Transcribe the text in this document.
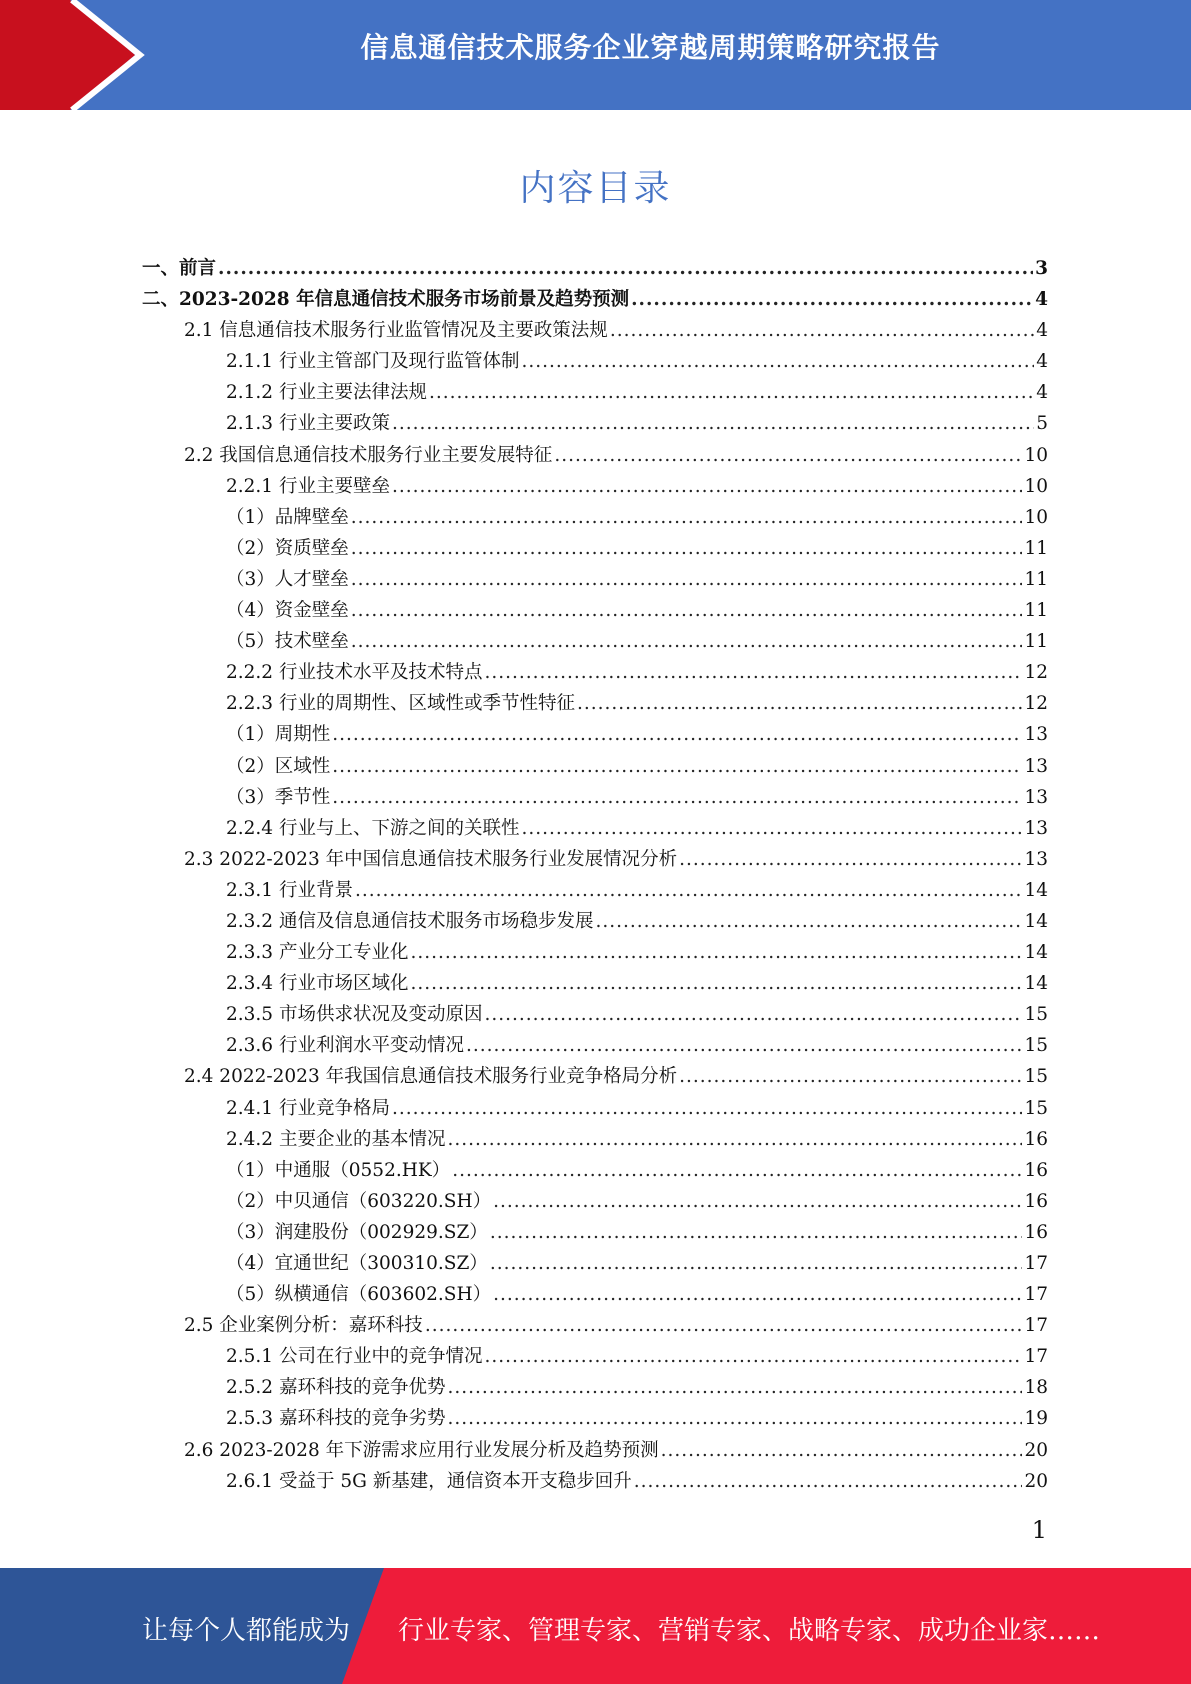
信息通信技术服务企业穿越周期策略研究报告
内容目录
一、前言 .....	3
二、2023-2028 年信息通信技术服务市场前景及趋势预测 .....	4
2.1 信息通信技术服务行业监管情况及主要政策法规 .....	4
2.1.1 行业主管部门及现行监管体制 .....	4
2.1.2 行业主要法律法规 .....	4
2.1.3 行业主要政策 .....	5
2.2 我国信息通信技术服务行业主要发展特征 .....	10
2.2.1 行业主要壁垒 .....	10
（1）品牌壁垒 .....	10
（2）资质壁垒 .....	11
（3）人才壁垒 .....	11
（4）资金壁垒 .....	11
（5）技术壁垒 .....	11
2.2.2 行业技术水平及技术特点 .....	12
2.2.3 行业的周期性、区域性或季节性特征 .....	12
（1）周期性 .....	13
（2）区域性 .....	13
（3）季节性 .....	13
2.2.4 行业与上、下游之间的关联性 .....	13
2.3 2022-2023 年中国信息通信技术服务行业发展情况分析 .....	13
2.3.1 行业背景 .....	14
2.3.2 通信及信息通信技术服务市场稳步发展 .....	14
2.3.3 产业分工专业化 .....	14
2.3.4 行业市场区域化 .....	14
2.3.5 市场供求状况及变动原因 .....	15
2.3.6 行业利润水平变动情况 .....	15
2.4 2022-2023 年我国信息通信技术服务行业竞争格局分析 .....	15
2.4.1 行业竞争格局 .....	15
2.4.2 主要企业的基本情况 .....	16
（1）中通服（0552.HK） .....	16
（2）中贝通信（603220.SH） .....	16
（3）润建股份（002929.SZ） .....	16
（4）宜通世纪（300310.SZ） .....	17
（5）纵横通信（603602.SH） .....	17
2.5 企业案例分析：嘉环科技 .....	17
2.5.1 公司在行业中的竞争情况 .....	17
2.5.2 嘉环科技的竞争优势 .....	18
2.5.3 嘉环科技的竞争劣势 .....	19
2.6 2023-2028 年下游需求应用行业发展分析及趋势预测 .....	20
2.6.1 受益于 5G 新基建，通信资本开支稳步回升 .....	20
1
让每个人都能成为 行业专家、管理专家、营销专家、战略专家、成功企业家……
